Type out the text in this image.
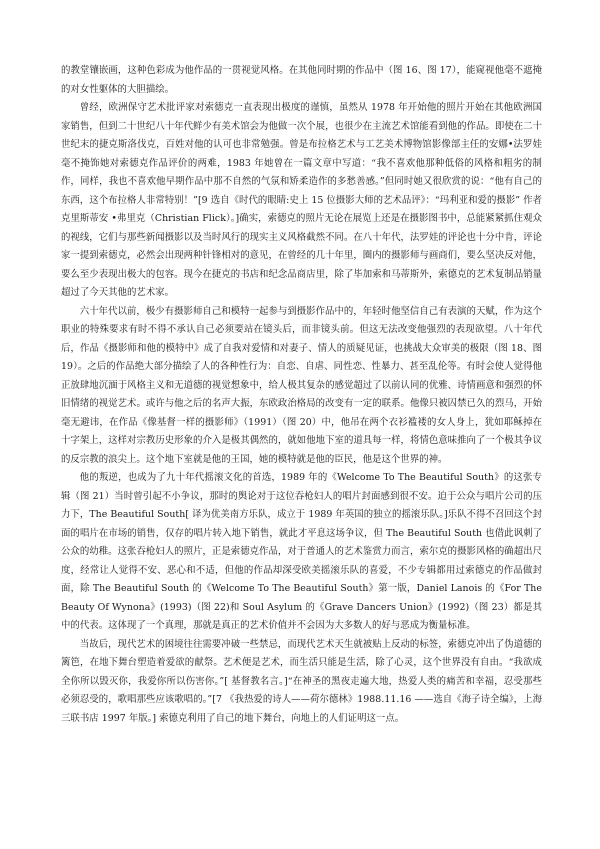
的教堂镶嵌画，这种色彩成为他作品的一贯视觉风格。在其他同时期的作品中（图 16、图 17），能窥视他毫不遮掩的对女性躯体的大胆描绘。

曾经，欧洲保守艺术批评家对索德克一直表现出极度的谨慎，虽然从 1978 年开始他的照片开始在其他欧洲国家销售，但到二十世纪八十年代鲜少有美术馆会为他做一次个展，也很少在主流艺术馆能看到他的作品。即使在二十世纪末的捷克斯洛伐克，百姓对他的认可也非常勉强。曾是布拉格艺术与工艺美术博物馆影像部主任的安娜•法罗娃毫不掩饰她对索德克作品评价的两难，1983 年她曾在一篇文章中写道：“我不喜欢他那种低俗的风格和粗劣的制作，同样，我也不喜欢他早期作品中那不自然的气氛和矫柔造作的多愁善感。”但同时她又很欣赏的说：“他有自己的东西，这个布拉格人非常特别！”[9 选自《时代的眼睛:史上 15 位摄影大师的艺术品评》：“玛利亚和爱的摄影” 作者克里斯蒂安 •弗里克（Christian Flick）。]确实，索德克的照片无论在展览上还是在摄影图书中，总能紧紧抓住观众的视线，它们与那些新闻摄影以及当时风行的现实主义风格截然不同。在八十年代，法罗娃的评论也十分中肯，评论家一提到索德克，必然会出现两种针锋相对的意见，在曾经的几十年里，圈内的摄影师与画商们，要么坚决反对他，要么至少表现出极大的包容。现今在捷克的书店和纪念品商店里，除了毕加索和马蒂斯外，索德克的艺术复制品销量超过了今天其他的艺术家。

六十年代以前，极少有摄影师自己和模特一起参与到摄影作品中的，年轻时他坚信自己有表演的天赋，作为这个职业的特殊要求有时不得不承认自己必须要站在镜头后，而非镜头前。但这无法改变他强烈的表现欲望。八十年代后，作品《摄影师和他的模特中》成了自我对爱情和对妻子、情人的质疑见证，也挑战大众审美的极限（图 18、图 19）。之后的作品绝大部分描绘了人的各种性行为：自恋、自虐、同性恋、性暴力、甚至乱伦等。有时会使人觉得他正放肆地沉湎于风格主义和无道德的视觉想象中，给人极其复杂的感觉超过了以前认同的优雅、诗情画意和强烈的怀旧情绪的视觉艺术。或许与他之后的名声大振，东欧政治格局的改变有一定的联系。他像只被囚禁已久的烈马，开始毫无避讳，在作品《像基督一样的摄影师》（1991）（图 20）中，他吊在两个衣衫褴褛的女人身上，犹如耶稣掉在十字架上，这样对宗教历史形象的介入是极其偶然的，就如他地下室的道具每一样，将情色意味推向了一个极其争议的反宗教的浪尖上。这个地下室就是他的王国，她的模特就是他的臣民，他是这个世界的神。

他的叛逆，也成为了九十年代摇滚文化的首选，1989 年的《Welcome To The Beautiful South》的这张专辑（图 21）当时曾引起不小争议，那时的舆论对于这位吞枪妇人的唱片封面感到很不安。迫于公众与唱片公司的压力下，The Beautiful South[ 译为优美南方乐队，成立于 1989 年英国的独立的摇滚乐队。]乐队不得不召回这个封面的唱片在市场的销售，仅存的唱片转入地下销售，就此才平息这场争议，但 The Beautiful South 也借此讽刺了公众的幼稚。这张吞枪妇人的照片，正是索德克作品，对于普通人的艺术鉴赏力而言，索尔克的摄影风格的确超出尺度，经常让人觉得不安、恶心和不适，但他的作品却深受欧美摇滚乐队的喜爱，不少专辑都用过索德克的作品做封面，除 The Beautiful South 的《Welcome To The Beautiful South》第一版，Daniel Lanois 的《For The Beauty Of Wynona》(1993)（图 22)和 Soul Asylum 的《Grave Dancers Union》(1992)（图 23）都是其中的代表。这体现了一个真理，那就是真正的艺术价值并不会因为大多数人的好与恶成为衡量标准。

当故后，现代艺术的困境往往需要冲破一些禁忌，而现代艺术天生就被贴上反动的标签，索德克冲出了伪道德的篱笆，在地下舞台塑造着爱欲的献祭。艺术便是艺术，而生活只能是生活，除了心灵，这个世界没有自由。“我欲成全你所以毁灭你，我爱你所以伤害你。”[ 基督教名言。]“在神圣的黑夜走遍大地，热爱人类的痛苦和幸福，忍受那些必须忍受的，歌唱那些应该歌唱的。”[7 《我热爱的诗人——荷尔德林》1988.11.16 ——选自《海子诗全编》，上海三联书店 1997 年版。] 索德克利用了自己的地下舞台，向地上的人们证明这一点。
